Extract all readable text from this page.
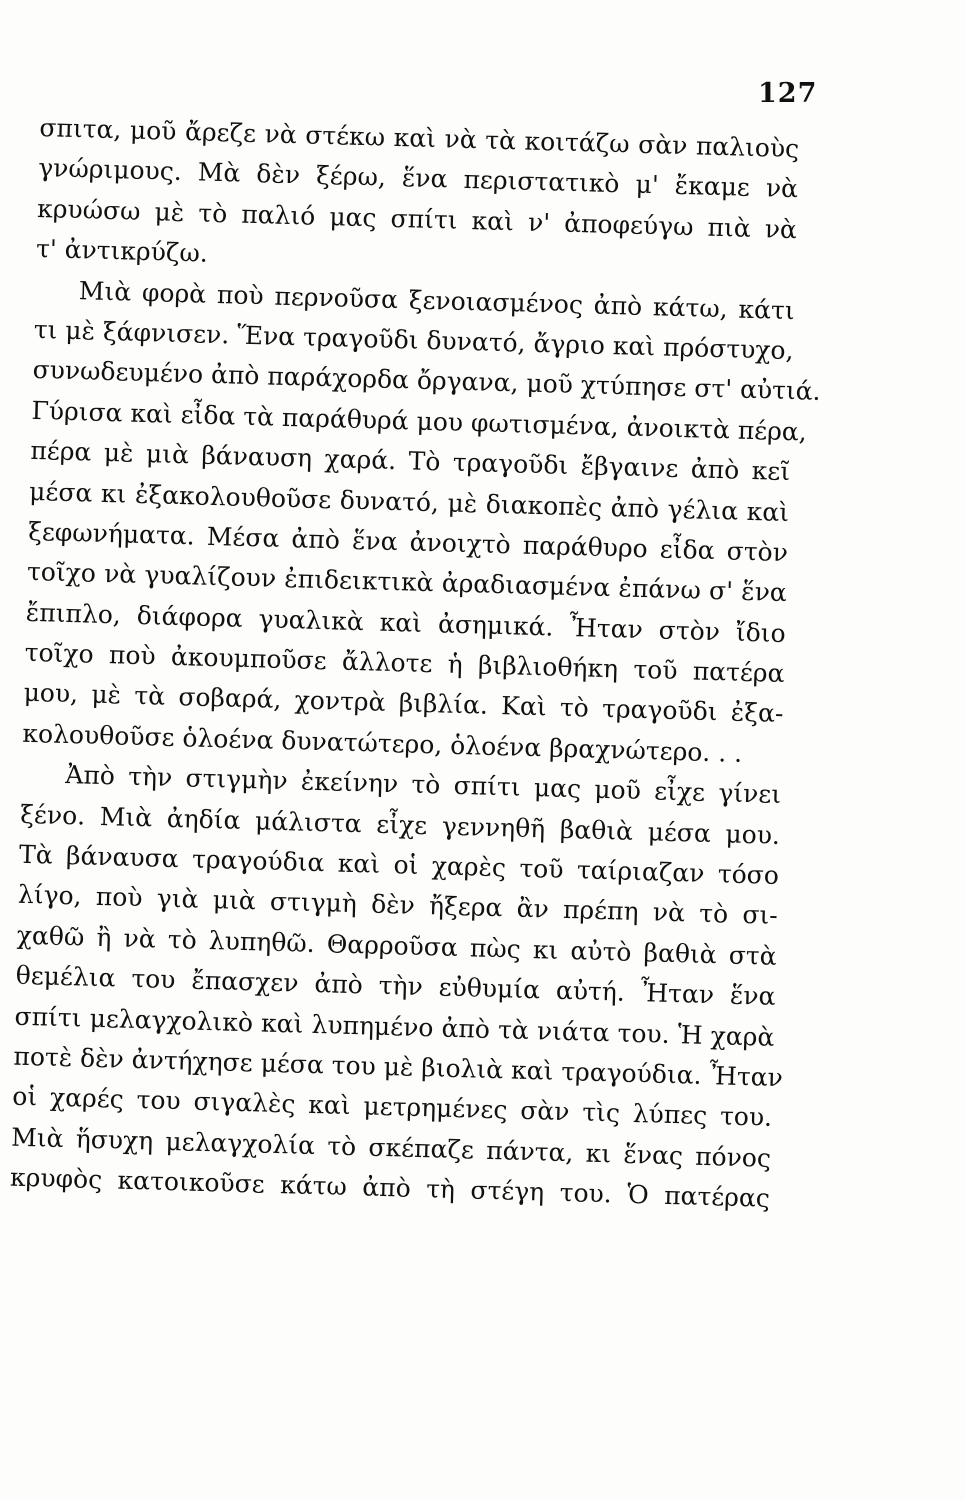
127
σπιτα, μοῦ ἄρεζε νὰ στέκω καὶ νὰ τὰ κοιτάζω σὰν παλιοὺς
γνώριμους. Μὰ δὲν ξέρω, ἕνα περιστατικὸ μ' ἔκαμε νὰ
κρυώσω μὲ τὸ παλιό μας σπίτι καὶ ν' ἀποφεύγω πιὰ νὰ
τ' ἀντικρύζω.
Μιὰ φορὰ ποὺ περνοῦσα ξενοιασμένος ἀπὸ κάτω, κάτι
τι μὲ ξάφνισεν. Ἕνα τραγοῦδι δυνατό, ἄγριο καὶ πρόστυχο,
συνωδευμένο ἀπὸ παράχορδα ὄργανα, μοῦ χτύπησε στ' αὐτιά.
Γύρισα καὶ εἶδα τὰ παράθυρά μου φωτισμένα, ἀνοικτὰ πέρα,
πέρα μὲ μιὰ βάναυση χαρά. Τὸ τραγοῦδι ἔβγαινε ἀπὸ κεῖ
μέσα κι ἐξακολουθοῦσε δυνατό, μὲ διακοπὲς ἀπὸ γέλια καὶ
ξεφωνήματα. Μέσα ἀπὸ ἕνα ἀνοιχτὸ παράθυρο εἶδα στὸν
τοῖχο νὰ γυαλίζουν ἐπιδεικτικὰ ἀραδιασμένα ἐπάνω σ' ἕνα
ἔπιπλο, διάφορα γυαλικὰ καὶ ἀσημικά. Ἦταν στὸν ἴδιο
τοῖχο ποὺ ἀκουμποῦσε ἄλλοτε ἡ βιβλιοθήκη τοῦ πατέρα
μου, μὲ τὰ σοβαρά, χοντρὰ βιβλία. Καὶ τὸ τραγοῦδι ἐξα-
κολουθοῦσε ὁλοένα δυνατώτερο, ὁλοένα βραχνώτερο. . .
Ἀπὸ τὴν στιγμὴν ἐκείνην τὸ σπίτι μας μοῦ εἶχε γίνει
ξένο. Μιὰ ἀηδία μάλιστα εἶχε γεννηθῆ βαθιὰ μέσα μου.
Τὰ βάναυσα τραγούδια καὶ οἱ χαρὲς τοῦ ταίριαζαν τόσο
λίγο, ποὺ γιὰ μιὰ στιγμὴ δὲν ἤξερα ἂν πρέπη νὰ τὸ σι-
χαθῶ ἢ νὰ τὸ λυπηθῶ. Θαρροῦσα πὼς κι αὐτὸ βαθιὰ στὰ
θεμέλια του ἔπασχεν ἀπὸ τὴν εὐθυμία αὐτή. Ἦταν ἕνα
σπίτι μελαγχολικὸ καὶ λυπημένο ἀπὸ τὰ νιάτα του. Ἡ χαρὰ
ποτὲ δὲν ἀντήχησε μέσα του μὲ βιολιὰ καὶ τραγούδια. Ἦταν
οἱ χαρές του σιγαλὲς καὶ μετρημένες σὰν τὶς λύπες του.
Μιὰ ἥσυχη μελαγχολία τὸ σκέπαζε πάντα, κι ἕνας πόνος
κρυφὸς κατοικοῦσε κάτω ἀπὸ τὴ στέγη του. Ὁ πατέρας
